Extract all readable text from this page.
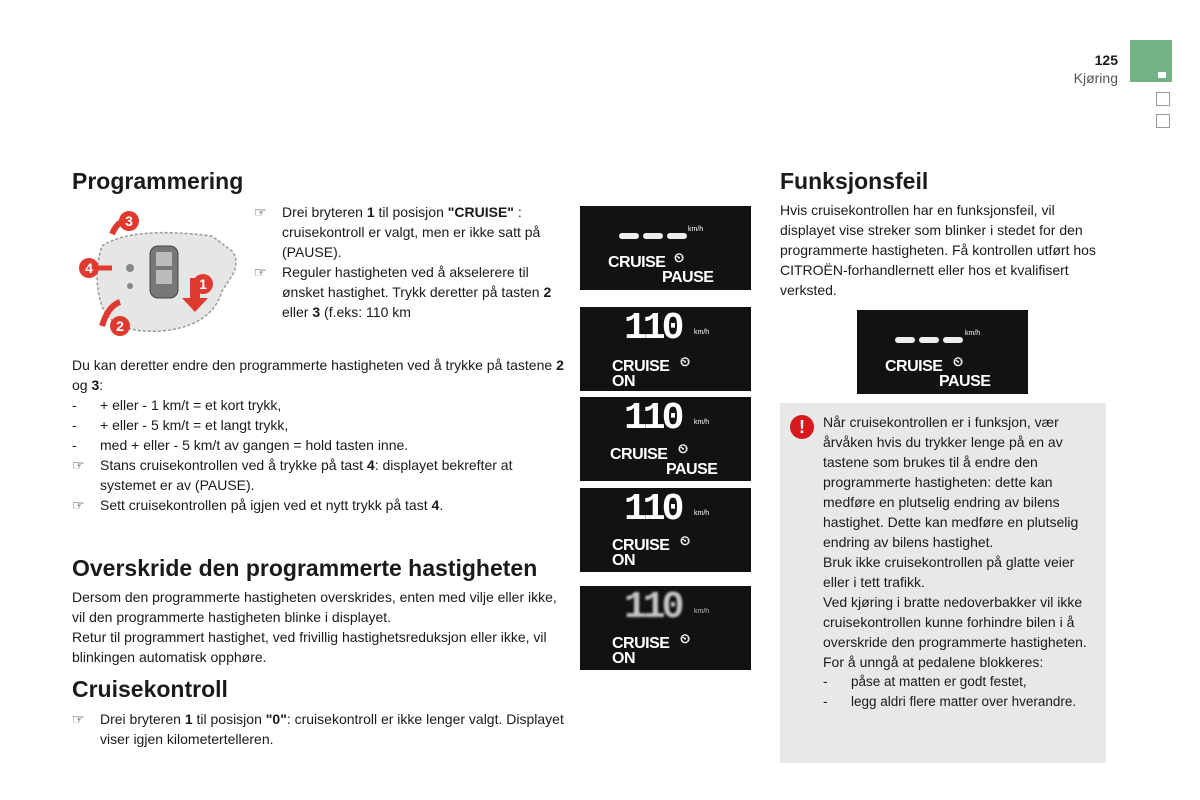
125
Kjøring
Programmering
3
4
1
2
☞	Drei bryteren 1 til posisjon "CRUISE" : cruisekontroll er valgt, men er ikke satt på (PAUSE).
☞	Reguler hastigheten ved å akselerere til ønsket hastighet. Trykk deretter på tasten 2 eller 3 (f.eks: 110 km

Du kan deretter endre den programmerte hastigheten ved å trykke på tastene 2 og 3:

- + eller - 1 km/t = et kort trykk,
- + eller - 5 km/t = et langt trykk,
- med + eller - 5 km/t av gangen = hold tasten inne.
☞ Stans cruisekontrollen ved å trykke på tast 4: displayet bekrefter at systemet er av (PAUSE).
☞ Sett cruisekontrollen på igjen ved et nytt trykk på tast 4.
Overskride den programmerte hastigheten

Dersom den programmerte hastigheten overskrides, enten med vilje eller ikke, vil den programmerte hastigheten blinke i displayet.

Retur til programmert hastighet, ved frivillig hastighetsreduksjon eller ikke, vil blinkingen automatisk opphøre.

Cruisekontroll
☞ Drei bryteren 1 til posisjon "0": cruisekontroll er ikke lenger valgt. Displayet viser igjen kilometertelleren.
km/h
CRUISE
PAUSE
⏲
110 km/h
CRUISE
ON
⏲
110 km/h
CRUISE
PAUSE
⏲
110 km/h
CRUISE
ON
⏲
110 km/h
CRUISE
ON
⏲
Funksjonsfeil

Hvis cruisekontrollen har en funksjonsfeil, vil displayet vise streker som blinker i stedet for den programmerte hastigheten. Få kontrollen utført hos CITROËN-forhandlernett eller hos et kvalifisert verksted.

km/h
CRUISE
PAUSE
⏲
!	Når cruisekontrollen er i funksjon, vær årvåken hvis du trykker lenge på en av tastene som brukes til å endre den programmerte hastigheten: dette kan medføre en plutselig endring av bilens hastighet. Dette kan medføre en plutselig endring av bilens hastighet.

Bruk ikke cruisekontrollen på glatte veier eller i tett trafikk.

Ved kjøring i bratte nedoverbakker vil ikke cruisekontrollen kunne forhindre bilen i å overskride den programmerte hastigheten.

For å unngå at pedalene blokkeres:

- påse at matten er godt festet,
- legg aldri flere matter over hverandre.
